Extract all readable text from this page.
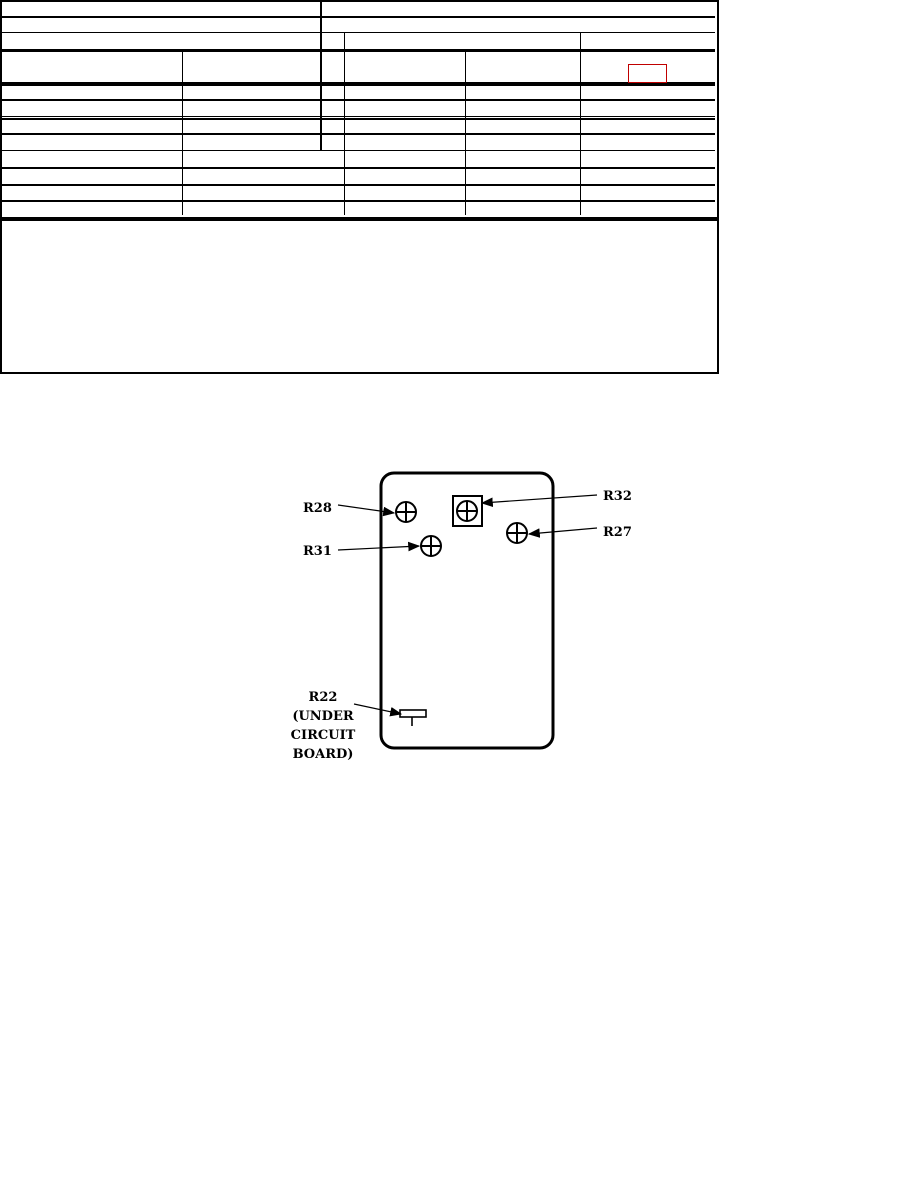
R28
R31
R32
R27
R22
(UNDER
CIRCUIT
BOARD)
